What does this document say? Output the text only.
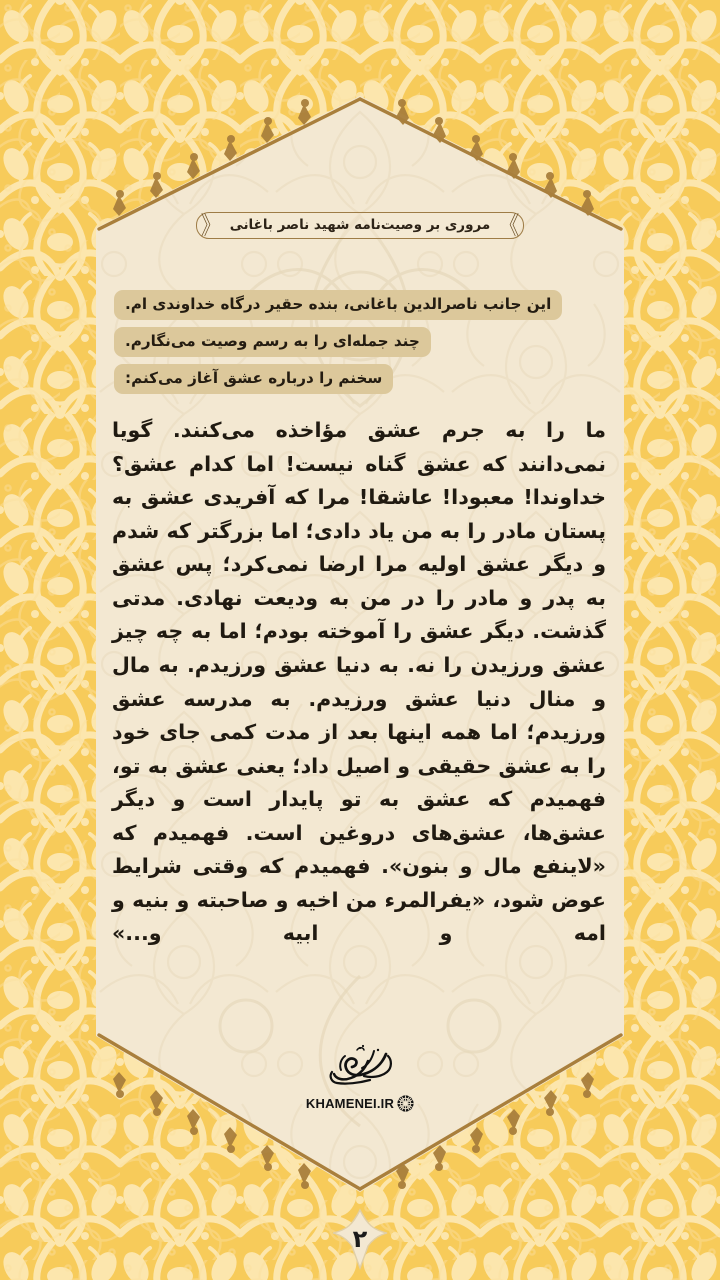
》
مروری بر وصیت‌نامه شهید ناصر باغانی
《
این جانب ناصرالدین باغانی، بنده حقیر درگاه خداوندی ام.
چند جمله‌ای را به رسم وصیت می‌نگارم.
سخنم را درباره عشق آغاز می‌کنم:
ما را به جرم عشق مؤاخذه می‌کنند. گویا نمی‌دانند که عشق گناه نیست! اما کدام عشق؟ خداوندا! معبودا! عاشقا! مرا که آفریدی عشق به پستان مادر را به من یاد دادی؛ اما بزرگتر که شدم و دیگر عشق اولیه مرا ارضا نمی‌کرد؛ پس عشق به پدر و مادر را در من به ودیعت نهادی. مدتی گذشت. دیگر عشق را آموخته بودم؛ اما به چه چیز عشق ورزیدن را نه. به دنیا عشق ورزیدم. به مال و منال دنیا عشق ورزیدم. به مدرسه عشق ورزیدم؛ اما همه اینها بعد از مدت کمی جای خود را به عشق حقیقی و اصیل داد؛ یعنی عشق به تو، فهمیدم که عشق به تو پایدار است و دیگر عشق‌ها، عشق‌های دروغین است. فهمیدم که «لاینفع مال و بنون». فهمیدم که وقتی شرایط عوض شود، «یفرالمرء من اخیه و صاحبته و بنیه و امه و ابیه و...»
KHAMENEI.IR
۲
